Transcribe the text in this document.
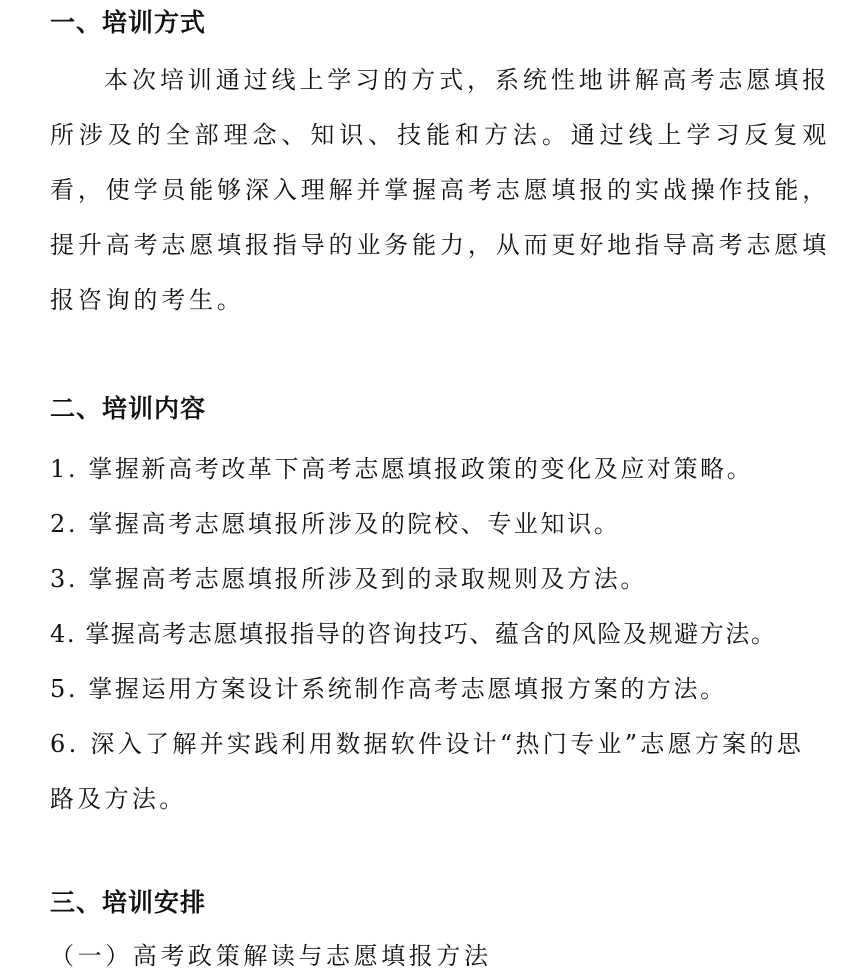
一、培训方式

本次培训通过线上学习的方式，系统性地讲解高考志愿填报所涉及的全部理念、知识、技能和方法。通过线上学习反复观看，使学员能够深入理解并掌握高考志愿填报的实战操作技能，提升高考志愿填报指导的业务能力，从而更好地指导高考志愿填报咨询的考生。

二、培训内容
1. 掌握新高考改革下高考志愿填报政策的变化及应对策略。
2. 掌握高考志愿填报所涉及的院校、专业知识。
3. 掌握高考志愿填报所涉及到的录取规则及方法。
4. 掌握高考志愿填报指导的咨询技巧、蕴含的风险及规避方法。
5. 掌握运用方案设计系统制作高考志愿填报方案的方法。
6. 深入了解并实践利用数据软件设计“热门专业”志愿方案的思路及方法。
三、培训安排
（一）高考政策解读与志愿填报方法
